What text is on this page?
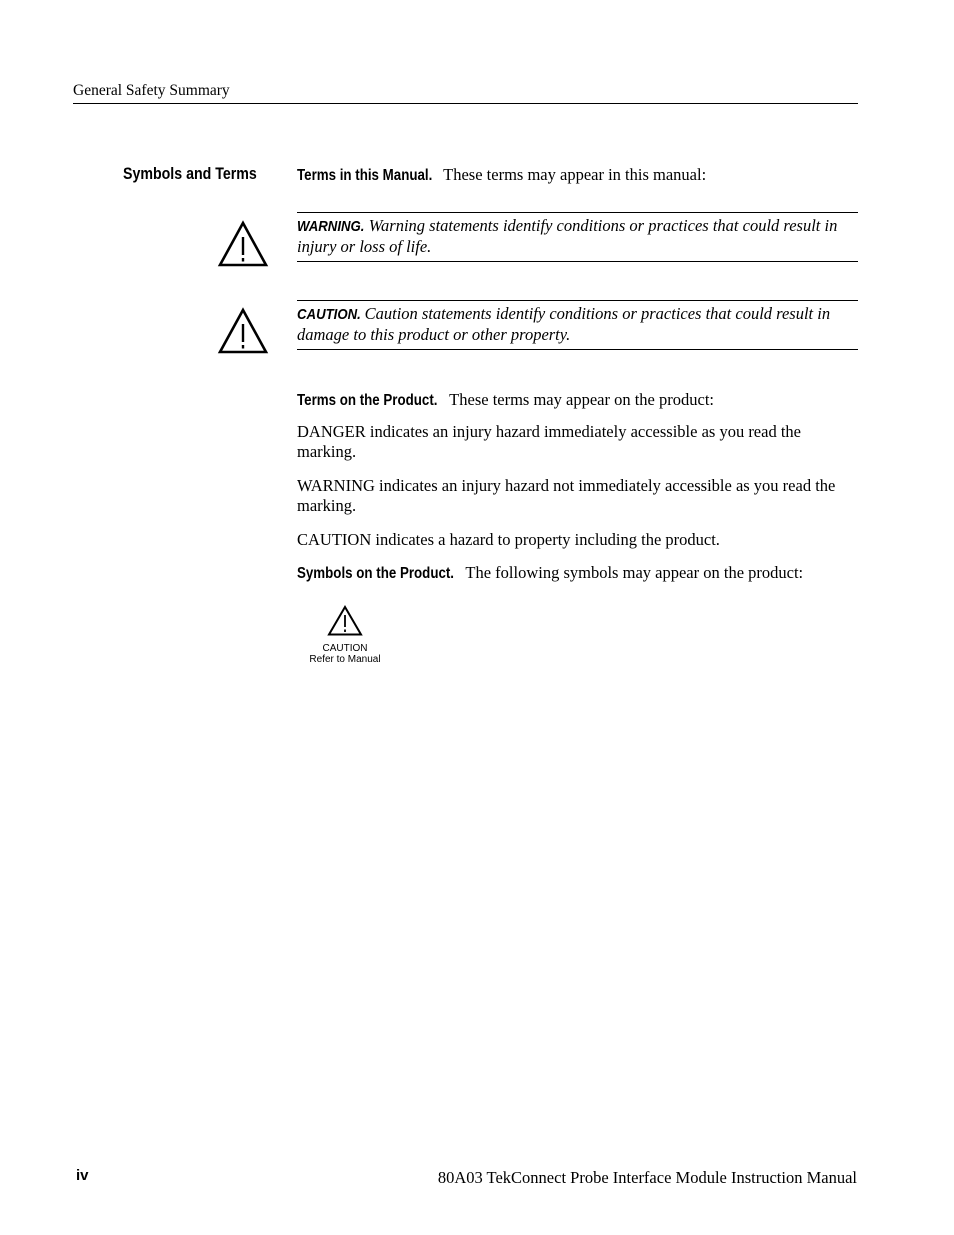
General Safety Summary
Symbols and Terms	Terms in this Manual. These terms may appear in this manual:
WARNING. Warning statements identify conditions or practices that could result in injury or loss of life.
CAUTION. Caution statements identify conditions or practices that could result in damage to this product or other property.
Terms on the Product. These terms may appear on the product:
DANGER indicates an injury hazard immediately accessible as you read the marking.
WARNING indicates an injury hazard not immediately accessible as you read the marking.
CAUTION indicates a hazard to property including the product.
Symbols on the Product. The following symbols may appear on the product:
CAUTION
Refer to Manual
iv	80A03 TekConnect Probe Interface Module Instruction Manual
